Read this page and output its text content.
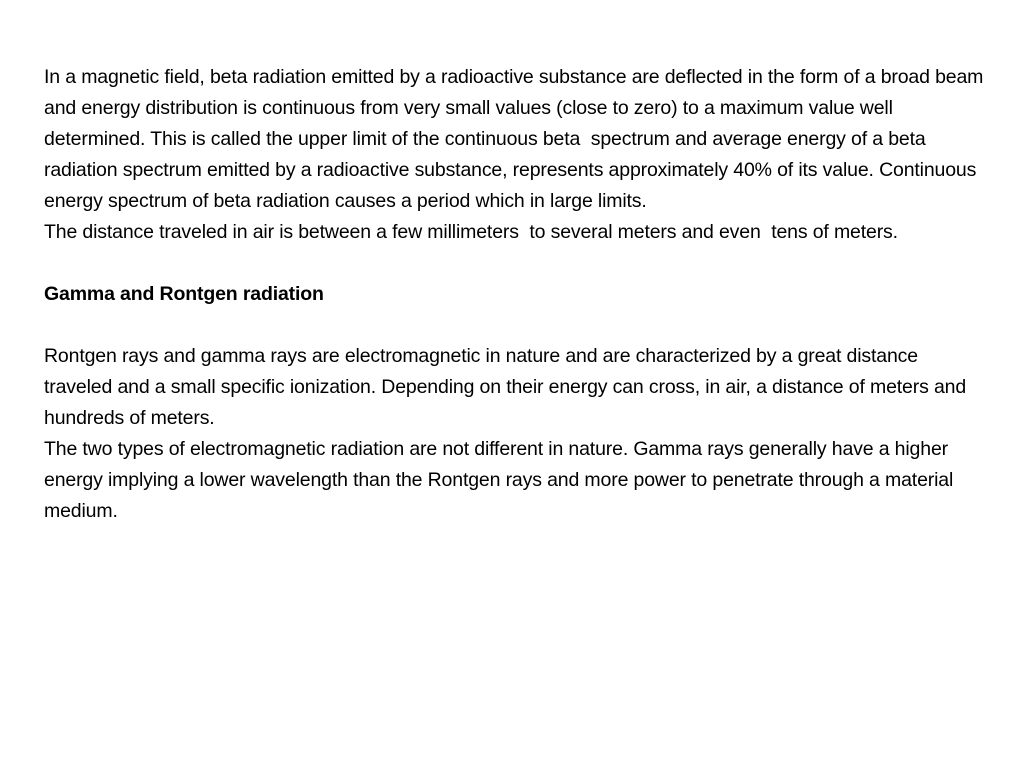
In a magnetic field, beta radiation emitted by a radioactive substance are deflected in the form of a broad beam and energy distribution is continuous from very small values (close to zero) to a maximum value well determined. This is called the upper limit of the continuous beta  spectrum and average energy of a beta radiation spectrum emitted by a radioactive substance, represents approximately 40% of its value. Continuous energy spectrum of beta radiation causes a period which in large limits.

The distance traveled in air is between a few millimeters  to several meters and even  tens of meters.

Gamma and Rontgen radiation

Rontgen rays and gamma rays are electromagnetic in nature and are characterized by a great distance traveled and a small specific ionization. Depending on their energy can cross, in air, a distance of meters and hundreds of meters.

The two types of electromagnetic radiation are not different in nature. Gamma rays generally have a higher energy implying a lower wavelength than the Rontgen rays and more power to penetrate through a material medium.
